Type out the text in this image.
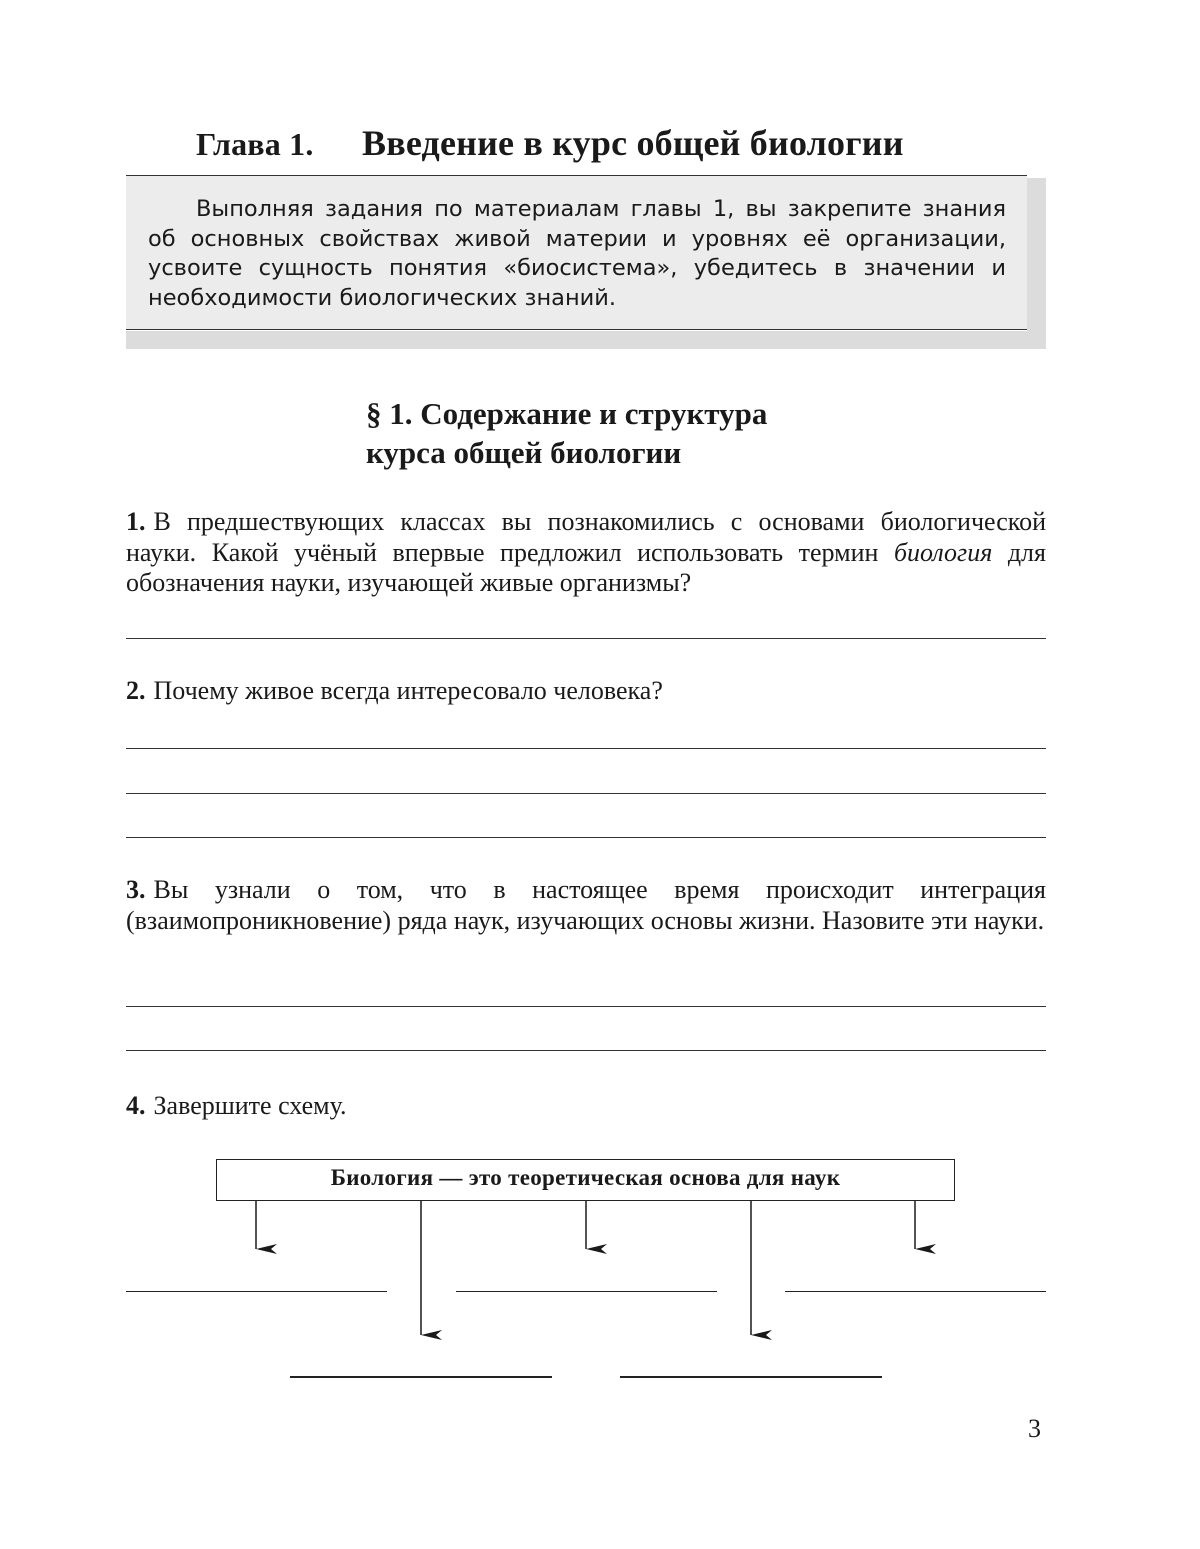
Глава 1. Введение в курс общей биологии
Выполняя задания по материалам главы 1, вы закрепите знания об основных свойствах живой материи и уровнях её организации, усвоите сущность понятия «биосистема», убедитесь в значении и необходимости биологических знаний.
§ 1. Содержание и структура
курса общей биологии
1. В предшествующих классах вы познакомились с основами биологической науки. Какой учёный впервые предложил использовать термин биология для обозначения науки, изучающей живые организмы?
2. Почему живое всегда интересовало человека?
3. Вы узнали о том, что в настоящее время происходит интеграция (взаимопроникновение) ряда наук, изучающих основы жизни. Назовите эти науки.
4. Завершите схему.
Биология — это теоретическая основа для наук
3
